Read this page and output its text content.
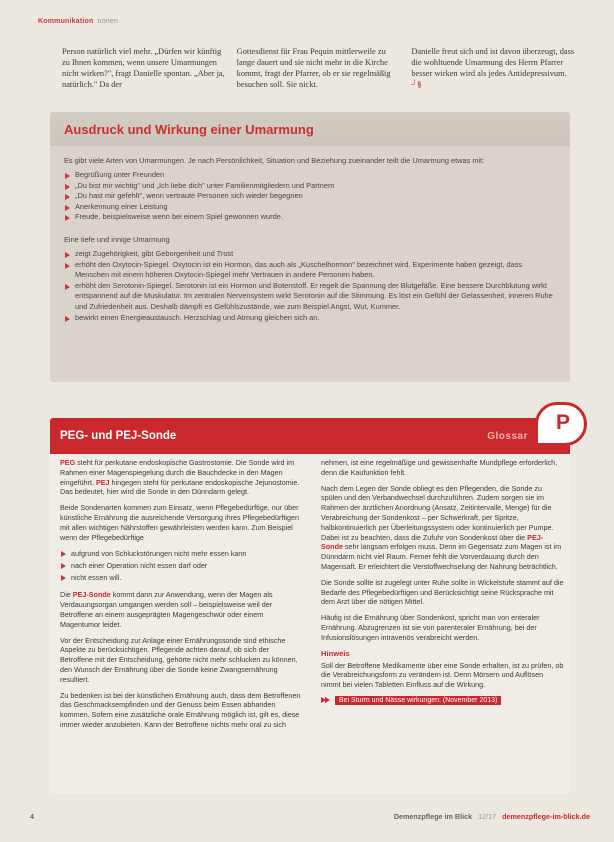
Kommunikation nonen

Person natürlich viel mehr. „Dürfen wir künftig zu Ihnen kommen, wenn unsere Umarmungen nicht wirken?", fragt Danielle spontan. „Aber ja, natürlich." Da der

Gottesdienst für Frau Pequin mittlerweile zu lange dauert und sie nicht mehr in die Kirche kommt, fragt der Pfarrer, ob er sie regelmäßig besuchen soll. Sie nickt.

Danielle freut sich und ist davon überzeugt, dass die wohltuende Umarmung des Herrn Pfarrer besser wirken wird als jedes Antidepressivum. ┘§

Ausdruck und Wirkung einer Umarmung

Es gibt viele Arten von Umarmungen. Je nach Persönlichkeit, Situation und Beziehung zueinander teilt die Umarmung etwas mit:

Begrüßung unter Freunden
„Du bist mir wichtig" und „Ich liebe dich" unter Familienmitgliedern und Partnern
„Du hast mir gefehlt", wenn vertraute Personen sich wieder begegnen
Anerkennung einer Leistung
Freude, beispielsweise wenn bei einem Spiel gewonnen wurde.

Eine tiefe und innige Umarmung

zeigt Zugehörigkeit, gibt Geborgenheit und Trost
erhöht den Oxytocin-Spiegel. Oxytocin ist ein Hormon, das auch als „Kuschelhormon" bezeichnet wird. Experimente haben gezeigt, dass Menschen mit einem höheren Oxytocin-Spiegel mehr Vertrauen in andere Personen haben.
erhöht den Serotonin-Spiegel. Serotonin ist ein Hormon und Botenstoff. Er regelt die Spannung der Blutgefäße. Eine bessere Durchblutung wirkt entspannend auf die Muskulatur. Im zentralen Nervensystem wirkt Serotonin auf die Stimmung. Es löst ein Gefühl der Gelassenheit, inneren Ruhe und Zufriedenheit aus. Deshalb dämpft es Gefühlszustände, wie zum Beispiel Angst, Wut, Kummer.
bewirkt einen Energieaustausch. Herzschlag und Atmung gleichen sich an.
PEG- und PEJ-Sonde	Glossar

PEG steht für perkutane endoskopische Gastrostomie. Die Sonde wird im Rahmen einer Magenspiegelung durch die Bauchdecke in den Magen eingeführt. PEJ hingegen steht für perkutane endoskopische Jejunostomie. Das bedeutet, hier wird die Sonde in den Dünndarm gelegt.

Beide Sondenarten kommen zum Einsatz, wenn Pflegebedürftige, nur über künstliche Ernährung die ausreichende Versorgung ihres Pflegebedürftigen mit allen wichtigen Nährstoffen gewährleisten werden kann. Zum Beispiel wenn der Pflegebedürftige

aufgrund von Schluckstörungen nicht mehr essen kann
nach einer Operation nicht essen darf oder
nicht essen will.

Die PEJ-Sonde kommt dann zur Anwendung, wenn der Magen als Verdauungsorgan umgangen werden soll – beispielsweise weil der Betroffene an einem ausgeprägten Magengeschwür oder einem Magentumor leidet.

Vor der Entscheidung zur Anlage einer Ernährungssonde sind ethische Aspekte zu berücksichtigen. Pflegende achten darauf, ob sich der Betroffene mit der Entscheidung, gehörte nicht mehr schlucken zu können, den Wunsch der Ernährung über die Sonde keine Zwangsernährung resultiert.

Zu bedenken ist bei der künstlichen Ernährung auch, dass dem Betroffenen das Geschmacksempfinden und der Genuss beim Essen abhanden kommen. Sofern eine zusätzliche orale Ernährung möglich ist, gilt es, diese immer wieder anzubieten. Kann der Betroffene nichts mehr oral zu sich

nehmen, ist eine regelmäßige und gewissenhafte Mundpflege erforderlich, denn die Kaufunktion fehlt.

Nach dem Legen der Sonde obliegt es den Pflegenden, die Sonde zu spülen und den Verbandwechsel durchzuführen. Zudem sorgen sie im Rahmen der ärztlichen Anordnung (Ansatz, Zeitintervalle, Menge) für die Verabreichung der Sondenkost – per Schwerkraft, per Spritze, halbkontinuierlich per Überleitungssystem oder kontinuierlich per Pumpe. Dabei ist zu beachten, dass die Zufuhr von Sondenkost über die PEJ-Sonde sehr langsam erfolgen muss. Denn im Gegensatz zum Magen ist im Dünndarm nicht viel Raum. Ferner fehlt die Vorverdauung durch den Magensaft. Er erleichtert die Verstoffwechselung der Nahrung beträchtlich.

Die Sonde sollte ist zugelegt unter Ruhe sollte in Wickelstufe stammt auf die Bedarfe des Pflegebedürftigen und Berücksichtigt seine Rücksprache mit dem Arzt über die nötigen Mittel.

Häufig ist die Ernährung über Sondenkost, spricht man von enteraler Ernährung. Abzugrenzen ist sie von parenteraler Ernährung, bei der Infusionslösungen intravenös verabreicht werden.

Hinweis

Soll der Betroffene Medikamente über eine Sonde erhalten, ist zu prüfen, ob die Verabreichungsform zu verändern ist. Denn Mörsern und Auflösen nimmt bei vielen Tabletten Einfluss auf die Wirkung.

Bei Sturm und Nässe wirkungen: (November 2013)
P
4	Demenzpflege im Blick 12/17 demenzpflege-im-blick.de
